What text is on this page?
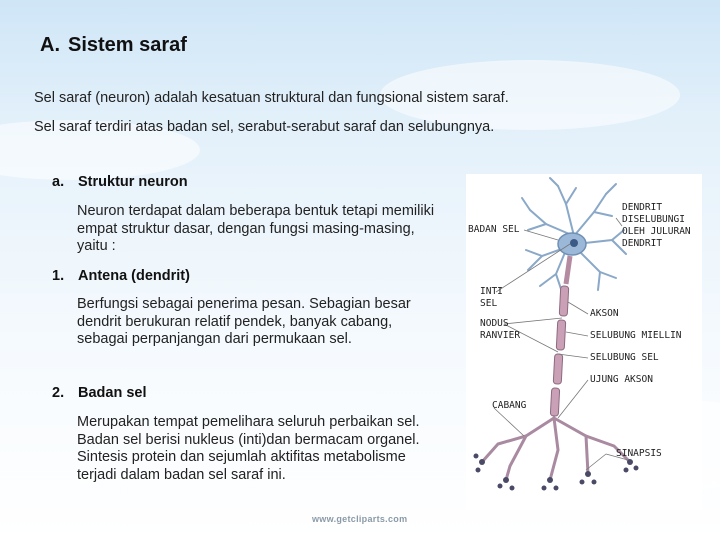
A. Sistem saraf
Sel saraf (neuron) adalah kesatuan struktural dan fungsional sistem saraf.
Sel saraf terdiri atas badan sel, serabut-serabut saraf dan selubungnya.
a. Struktur neuron
Neuron terdapat dalam beberapa bentuk tetapi memiliki empat struktur dasar, dengan fungsi masing-masing, yaitu :
1. Antena (dendrit)
Berfungsi sebagai penerima pesan. Sebagian besar dendrit berukuran relatif pendek, banyak cabang, sebagai perpanjangan dari permukaan sel.
2. Badan sel
Merupakan tempat pemelihara seluruh perbaikan sel. Badan sel berisi nukleus (inti)dan bermacam organel. Sintesis protein dan sejumlah aktifitas metabolisme terjadi dalam badan sel saraf ini.
DENDRIT
DISELUBUNGI
OLEH JULURAN
DENDRIT
BADAN SEL
INTI
SEL
AKSON
NODUS
RANVIER	SELUBUNG MIELLIN
SELUBUNG SEL
UJUNG AKSON
CABANG
SINAPSIS
www.getcliparts.com
